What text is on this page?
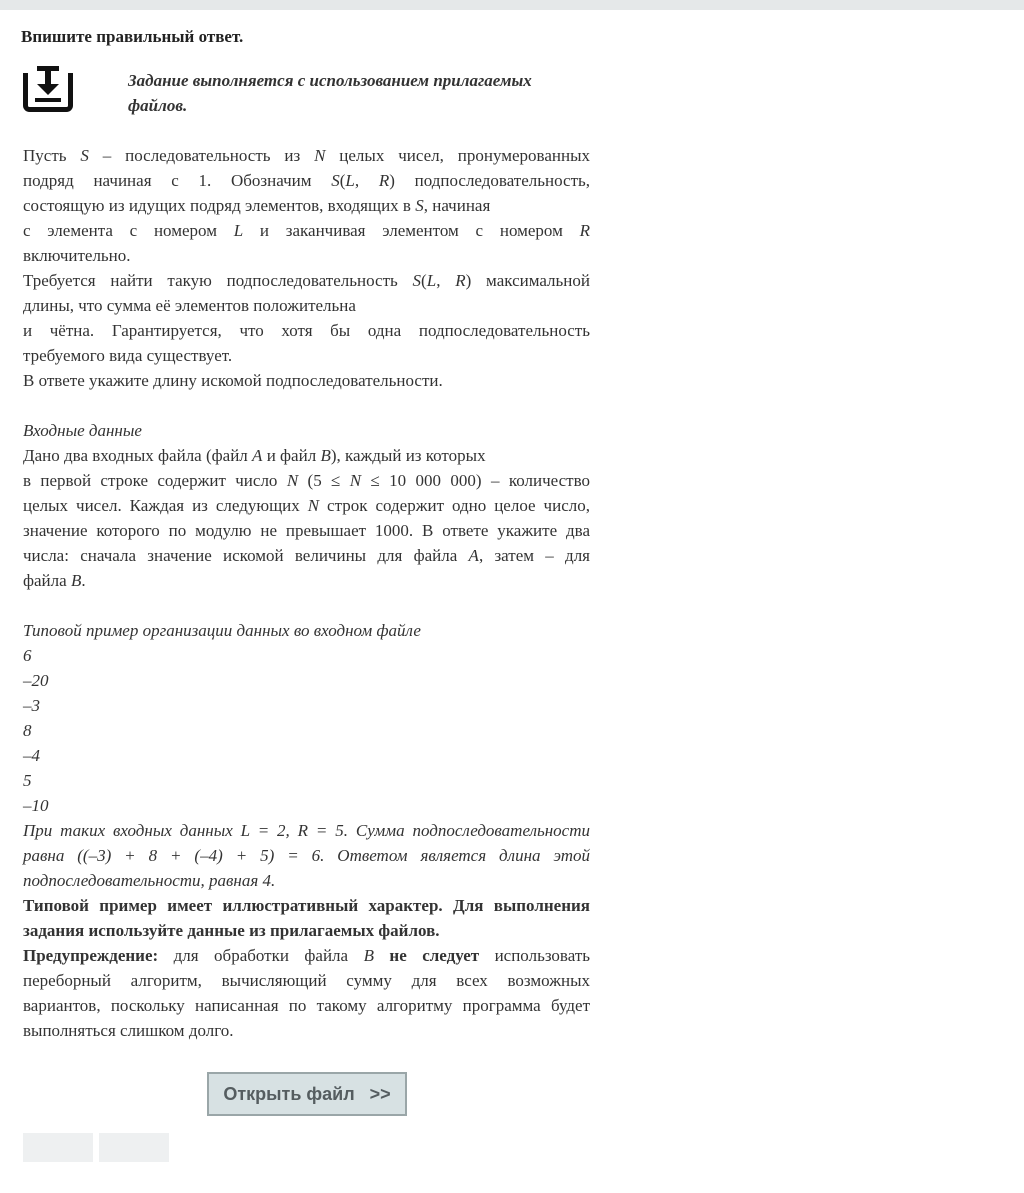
Впишите правильный ответ.
Задание выполняется с использованием прилагаемых файлов.

Пусть S – последовательность из N целых чисел, пронумерованных

подряд начиная с 1. Обозначим S(L, R) подпоследовательность,

состоящую из идущих подряд элементов, входящих в S, начиная

с элемента с номером L и заканчивая элементом с номером R

включительно.

Требуется найти такую подпоследовательность S(L, R) максимальной

длины, что сумма её элементов положительна

и чётна. Гарантируется, что хотя бы одна подпоследовательность

требуемого вида существует.

В ответе укажите длину искомой подпоследовательности.

Входные данные

Дано два входных файла (файл A и файл B), каждый из которых

в первой строке содержит число N (5 ≤ N ≤ 10 000 000) – количество

целых чисел. Каждая из следующих N строк содержит одно целое число,

значение которого по модулю не превышает 1000. В ответе укажите два

числа: сначала значение искомой величины для файла A, затем – для

файла B.

Типовой пример организации данных во входном файле

6

–20

–3

8

–4

5

–10

При таких входных данных L = 2, R = 5. Сумма подпоследовательности

равна ((–3) + 8 + (–4) + 5) = 6. Ответом является длина этой

подпоследовательности, равная 4.

Типовой пример имеет иллюстративный характер. Для выполнения

задания используйте данные из прилагаемых файлов.

Предупреждение: для обработки файла B не следует использовать

переборный алгоритм, вычисляющий сумму для всех возможных

вариантов, поскольку написанная по такому алгоритму программа будет

выполняться слишком долго.

Открыть файл   >>
